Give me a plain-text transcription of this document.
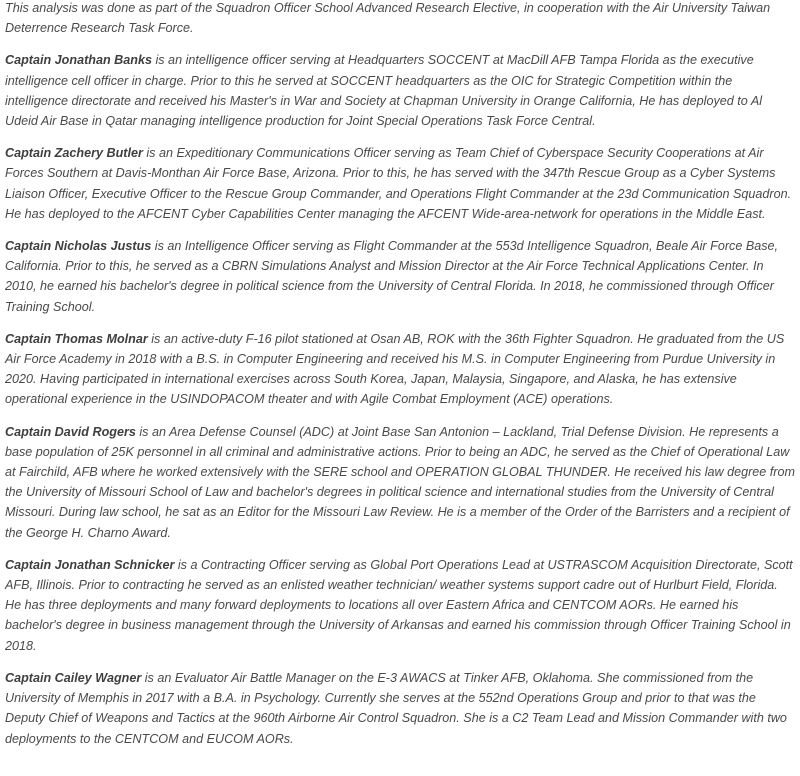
This analysis was done as part of the Squadron Officer School Advanced Research Elective, in cooperation with the Air University Taiwan Deterrence Research Task Force.

Captain Jonathan Banks is an intelligence officer serving at Headquarters SOCCENT at MacDill AFB Tampa Florida as the executive intelligence cell officer in charge. Prior to this he served at SOCCENT headquarters as the OIC for Strategic Competition within the intelligence directorate and received his Master's in War and Society at Chapman University in Orange California, He has deployed to Al Udeid Air Base in Qatar managing intelligence production for Joint Special Operations Task Force Central.

Captain Zachery Butler is an Expeditionary Communications Officer serving as Team Chief of Cyberspace Security Cooperations at Air Forces Southern at Davis-Monthan Air Force Base, Arizona. Prior to this, he has served with the 347th Rescue Group as a Cyber Systems Liaison Officer, Executive Officer to the Rescue Group Commander, and Operations Flight Commander at the 23d Communication Squadron. He has deployed to the AFCENT Cyber Capabilities Center managing the AFCENT Wide-area-network for operations in the Middle East.

Captain Nicholas Justus is an Intelligence Officer serving as Flight Commander at the 553d Intelligence Squadron, Beale Air Force Base, California. Prior to this, he served as a CBRN Simulations Analyst and Mission Director at the Air Force Technical Applications Center. In 2010, he earned his bachelor's degree in political science from the University of Central Florida. In 2018, he commissioned through Officer Training School.

Captain Thomas Molnar is an active-duty F-16 pilot stationed at Osan AB, ROK with the 36th Fighter Squadron. He graduated from the US Air Force Academy in 2018 with a B.S. in Computer Engineering and received his M.S. in Computer Engineering from Purdue University in 2020. Having participated in international exercises across South Korea, Japan, Malaysia, Singapore, and Alaska, he has extensive operational experience in the USINDOPACOM theater and with Agile Combat Employment (ACE) operations.

Captain David Rogers is an Area Defense Counsel (ADC) at Joint Base San Antonion – Lackland, Trial Defense Division. He represents a base population of 25K personnel in all criminal and administrative actions. Prior to being an ADC, he served as the Chief of Operational Law at Fairchild, AFB where he worked extensively with the SERE school and OPERATION GLOBAL THUNDER. He received his law degree from the University of Missouri School of Law and bachelor's degrees in political science and international studies from the University of Central Missouri. During law school, he sat as an Editor for the Missouri Law Review. He is a member of the Order of the Barristers and a recipient of the George H. Charno Award.

Captain Jonathan Schnicker is a Contracting Officer serving as Global Port Operations Lead at USTRASCOM Acquisition Directorate, Scott AFB, Illinois. Prior to contracting he served as an enlisted weather technician/ weather systems support cadre out of Hurlburt Field, Florida. He has three deployments and many forward deployments to locations all over Eastern Africa and CENTCOM AORs. He earned his bachelor's degree in business management through the University of Arkansas and earned his commission through Officer Training School in 2018.

Captain Cailey Wagner is an Evaluator Air Battle Manager on the E-3 AWACS at Tinker AFB, Oklahoma. She commissioned from the University of Memphis in 2017 with a B.A. in Psychology. Currently she serves at the 552nd Operations Group and prior to that was the Deputy Chief of Weapons and Tactics at the 960th Airborne Air Control Squadron. She is a C2 Team Lead and Mission Commander with two deployments to the CENTCOM and EUCOM AORs.
